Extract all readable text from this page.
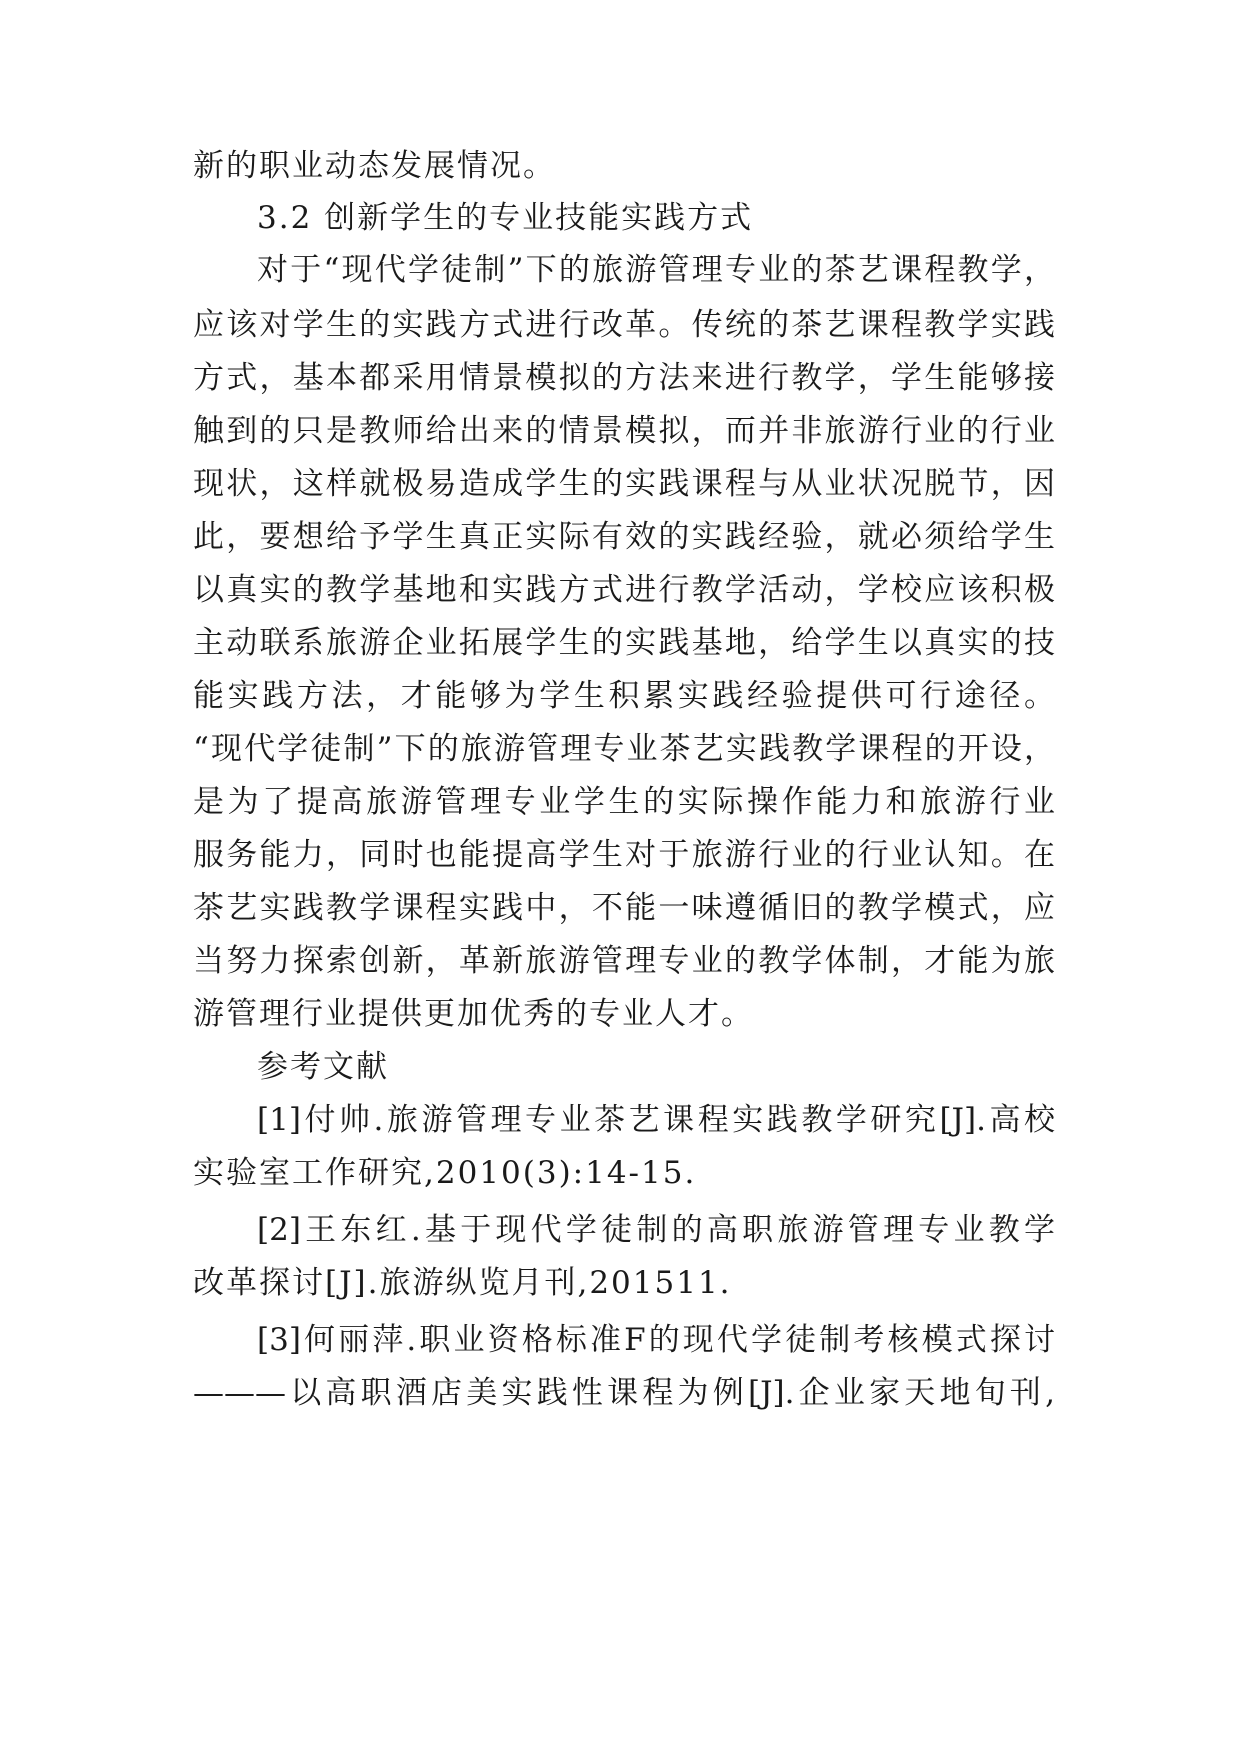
新的职业动态发展情况。
3.2 创新学生的专业技能实践方式
对于“现代学徒制”下的旅游管理专业的茶艺课程教学，
应该对学生的实践方式进行改革。传统的茶艺课程教学实践
方式，基本都采用情景模拟的方法来进行教学，学生能够接
触到的只是教师给出来的情景模拟，而并非旅游行业的行业
现状，这样就极易造成学生的实践课程与从业状况脱节，因
此，要想给予学生真正实际有效的实践经验，就必须给学生
以真实的教学基地和实践方式进行教学活动，学校应该积极
主动联系旅游企业拓展学生的实践基地，给学生以真实的技
能实践方法，才能够为学生积累实践经验提供可行途径。
“现代学徒制”下的旅游管理专业茶艺实践教学课程的开设，
是为了提高旅游管理专业学生的实际操作能力和旅游行业
服务能力，同时也能提高学生对于旅游行业的行业认知。在
茶艺实践教学课程实践中，不能一味遵循旧的教学模式，应
当努力探索创新，革新旅游管理专业的教学体制，才能为旅
游管理行业提供更加优秀的专业人才。
参考文献
[1]付帅.旅游管理专业茶艺课程实践教学研究[J].高校
实验室工作研究,2010(3):14-15.
[2]王东红.基于现代学徒制的高职旅游管理专业教学
改革探讨[J].旅游纵览月刊,201511.
[3]何丽萍.职业资格标准F的现代学徒制考核模式探讨
———以高职酒店美实践性课程为例[J].企业家天地旬刊,
